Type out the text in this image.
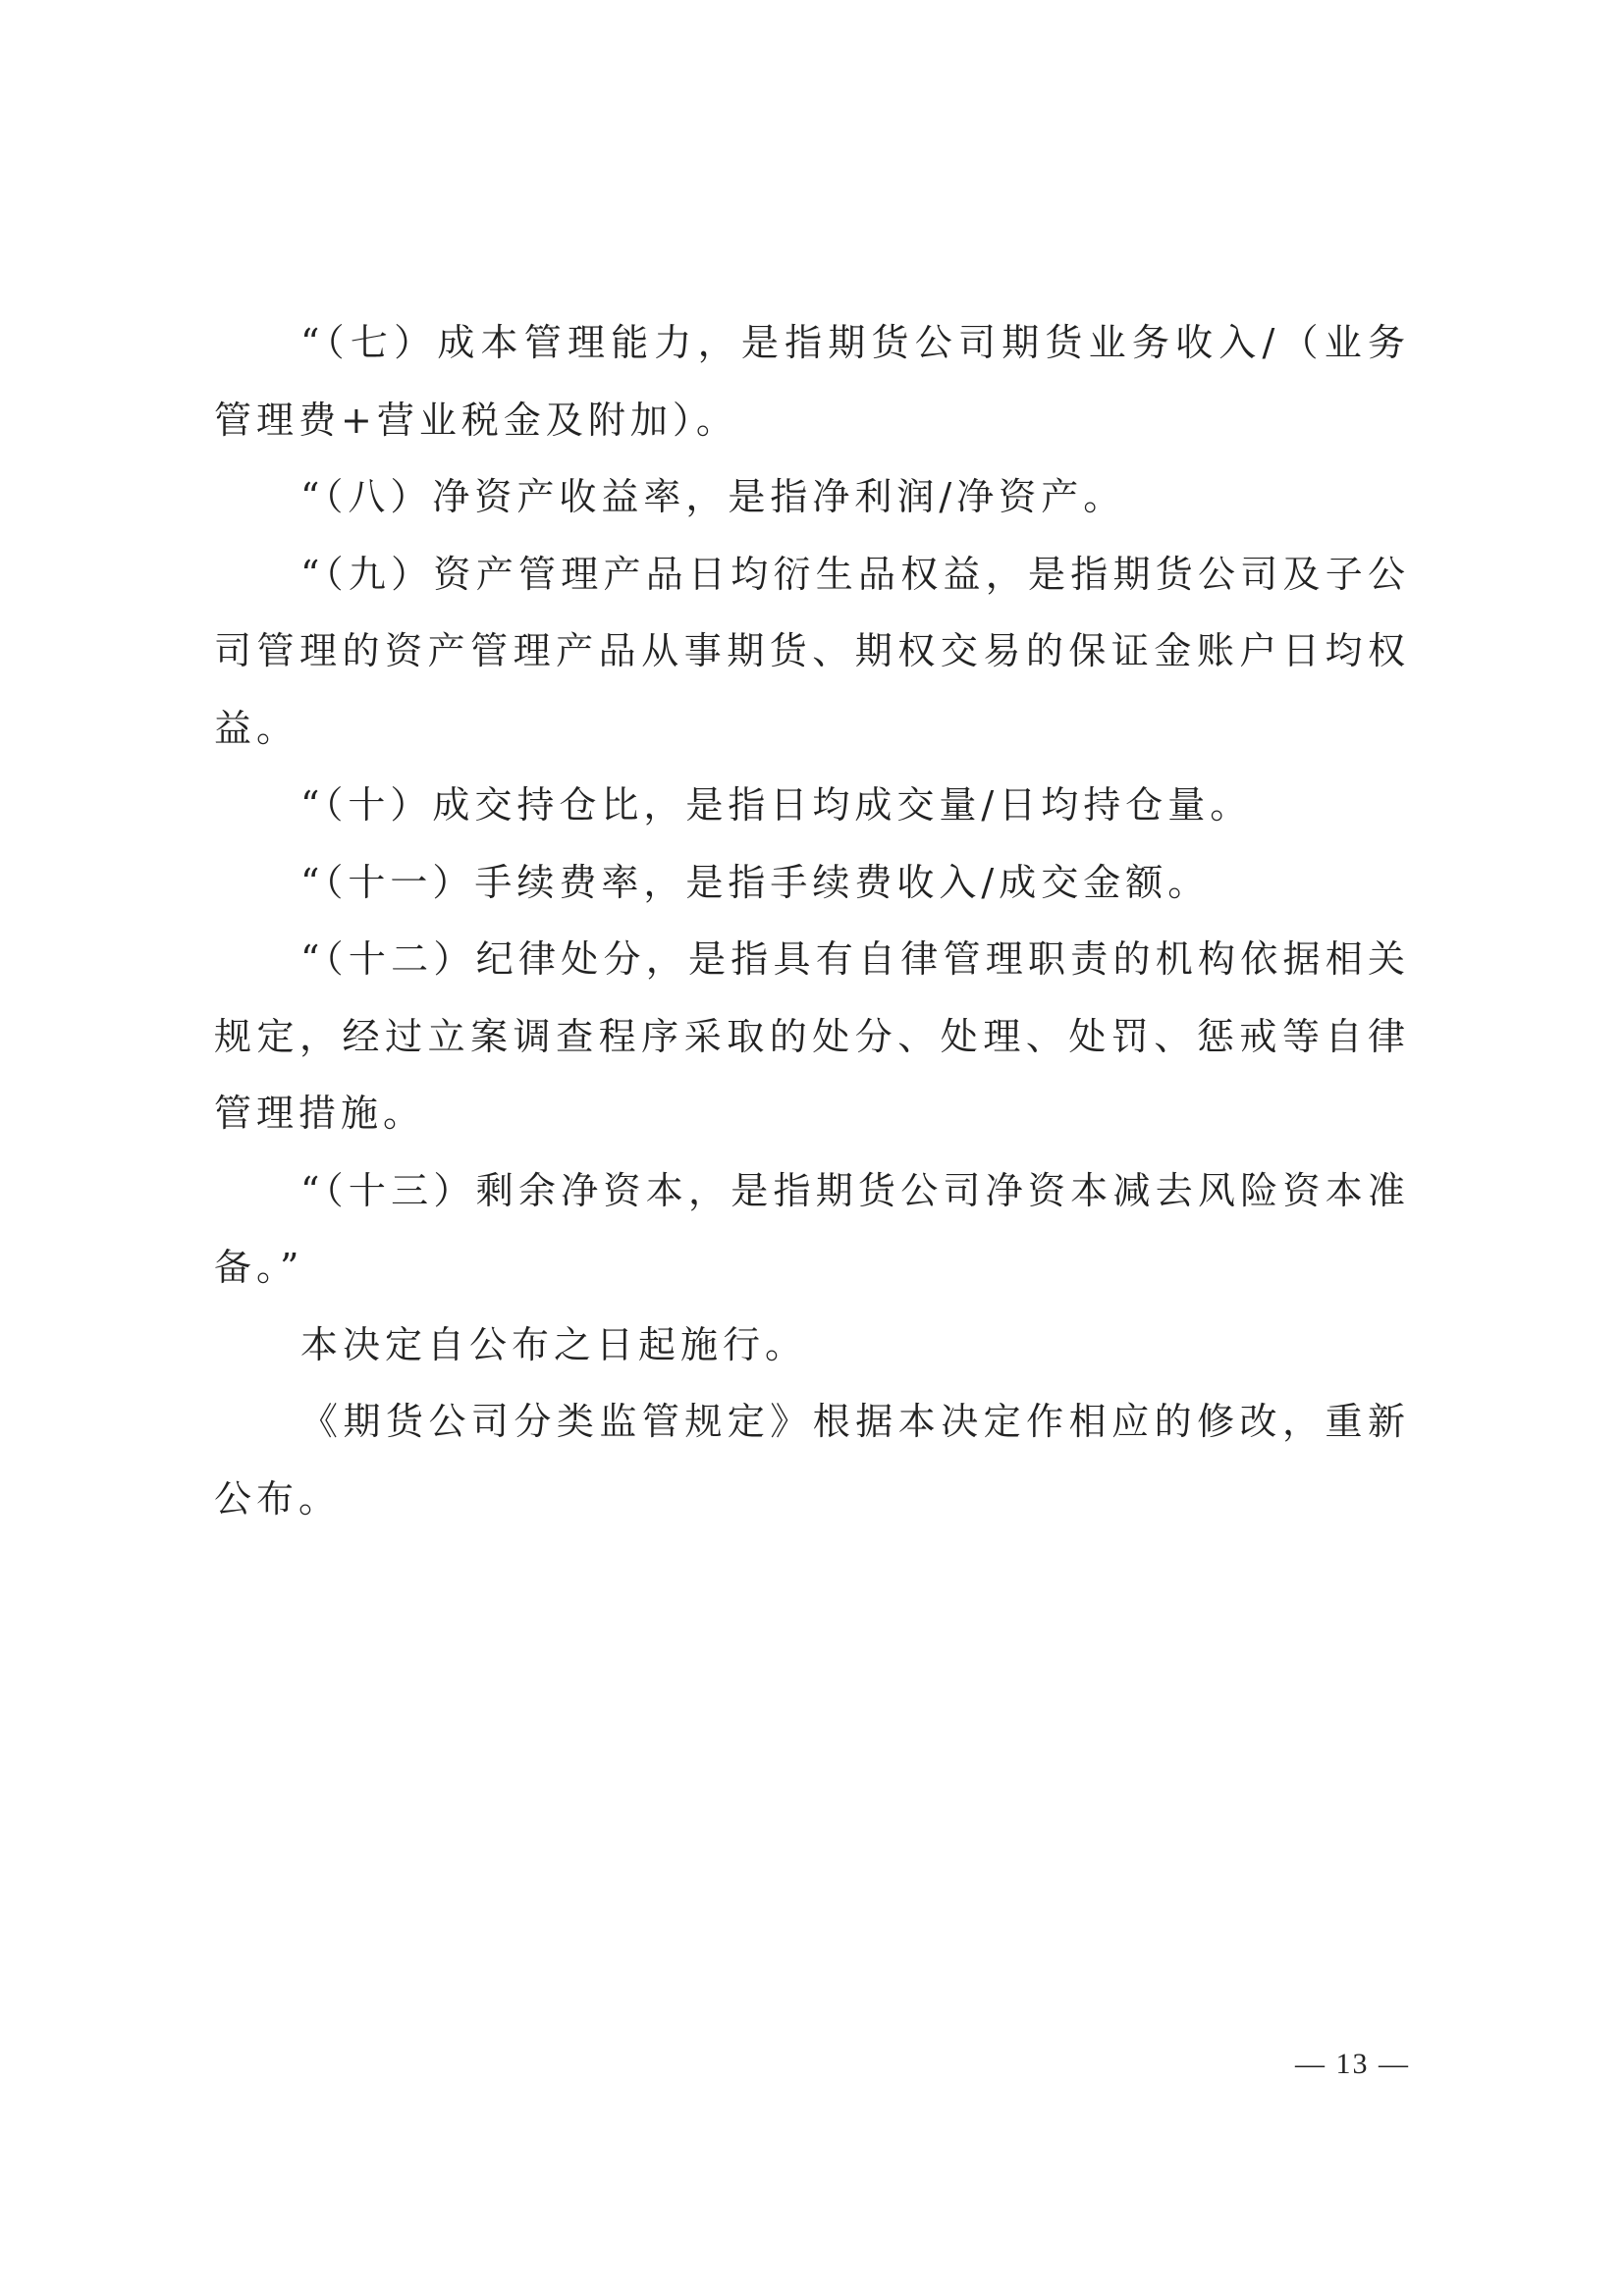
“（七）成本管理能力，是指期货公司期货业务收入/（业务管理费+营业税金及附加）。

“（八）净资产收益率，是指净利润/净资产。

“（九）资产管理产品日均衍生品权益，是指期货公司及子公司管理的资产管理产品从事期货、期权交易的保证金账户日均权益。

“（十）成交持仓比，是指日均成交量/日均持仓量。

“（十一）手续费率，是指手续费收入/成交金额。

“（十二）纪律处分，是指具有自律管理职责的机构依据相关规定，经过立案调查程序采取的处分、处理、处罚、惩戒等自律管理措施。

“（十三）剩余净资本，是指期货公司净资本减去风险资本准备。”

本决定自公布之日起施行。

《期货公司分类监管规定》根据本决定作相应的修改，重新公布。

— 13 —
